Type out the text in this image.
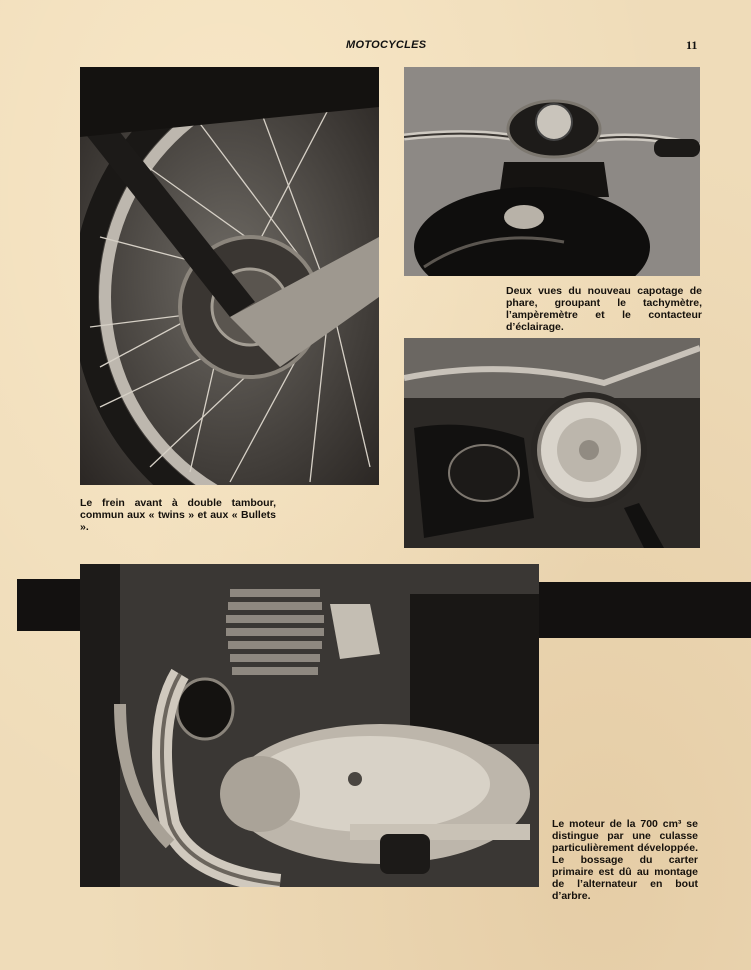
MOTOCYCLES	11
Deux vues du nouveau capotage de phare, groupant le tachymètre, l’ampèremètre et le contacteur d’éclairage.
Le frein avant à double tambour, commun aux « twins » et aux « Bullets ».
Le moteur de la 700 cm³ se distingue par une culasse particulièrement développée. Le bossage du carter primaire est dû au montage de l’alternateur en bout d’arbre.
